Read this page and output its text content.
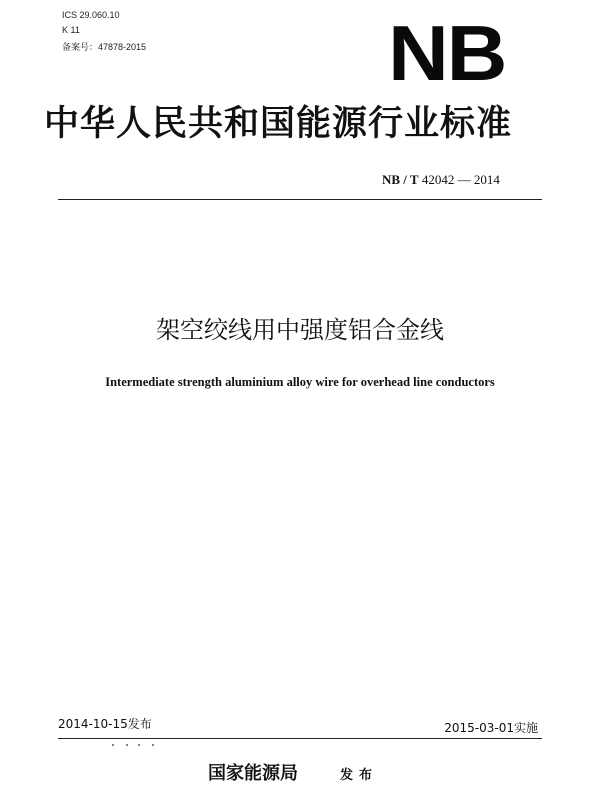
ICS 29.060.10
K 11
备案号：47878-2015	NB
中华人民共和国能源行业标准
NB / T 42042 — 2014
架空绞线用中强度铝合金线
Intermediate strength aluminium alloy wire for overhead line conductors
2014-10-15发布	2015-03-01实施
国家能源局	发布
